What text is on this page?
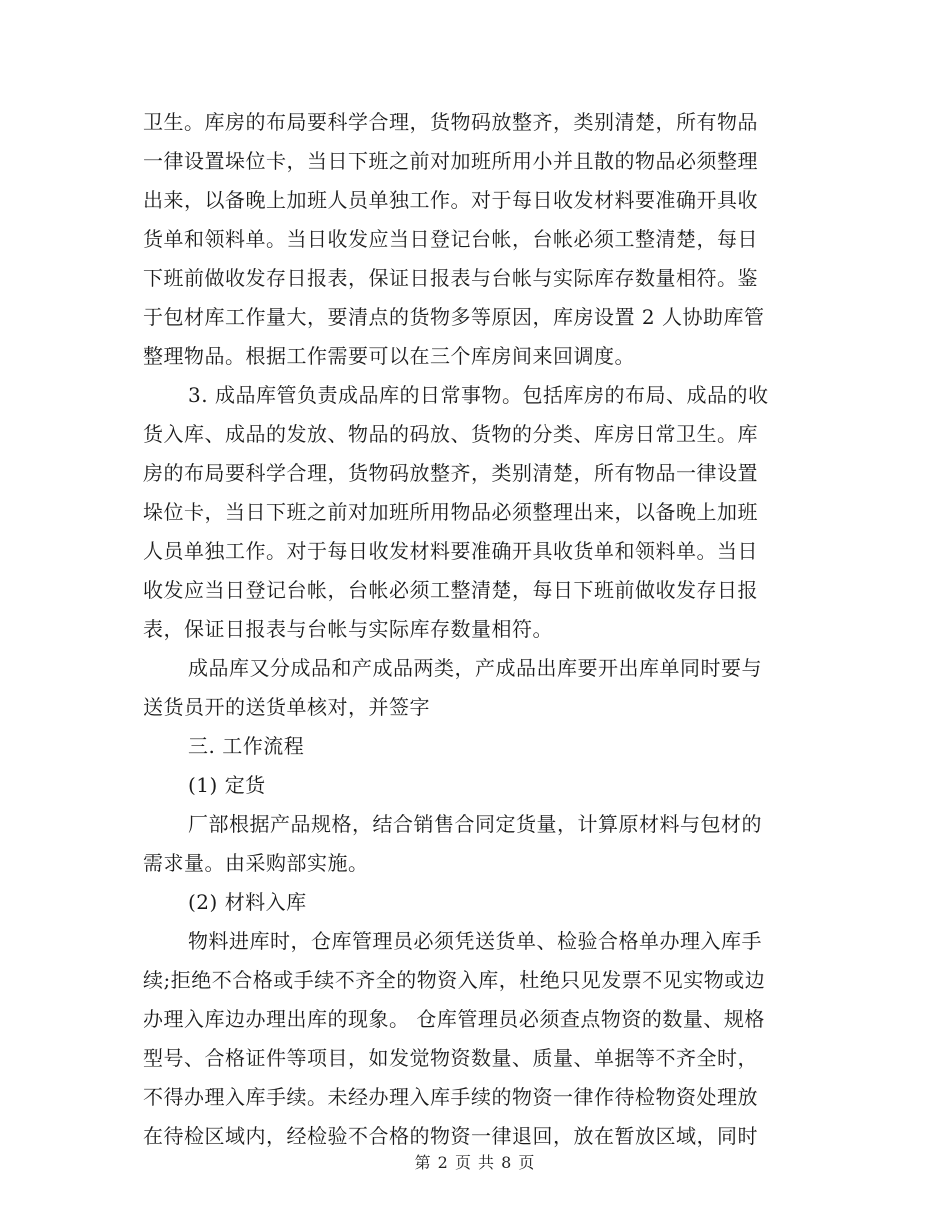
卫生。库房的布局要科学合理，货物码放整齐，类别清楚，所有物品
一律设置垛位卡，当日下班之前对加班所用小并且散的物品必须整理
出来，以备晚上加班人员单独工作。对于每日收发材料要准确开具收
货单和领料单。当日收发应当日登记台帐，台帐必须工整清楚，每日
下班前做收发存日报表，保证日报表与台帐与实际库存数量相符。鉴
于包材库工作量大，要清点的货物多等原因，库房设置 2 人协助库管
整理物品。根据工作需要可以在三个库房间来回调度。
3. 成品库管负责成品库的日常事物。包括库房的布局、成品的收
货入库、成品的发放、物品的码放、货物的分类、库房日常卫生。库
房的布局要科学合理，货物码放整齐，类别清楚，所有物品一律设置
垛位卡，当日下班之前对加班所用物品必须整理出来，以备晚上加班
人员单独工作。对于每日收发材料要准确开具收货单和领料单。当日
收发应当日登记台帐，台帐必须工整清楚，每日下班前做收发存日报
表，保证日报表与台帐与实际库存数量相符。
成品库又分成品和产成品两类，产成品出库要开出库单同时要与
送货员开的送货单核对，并签字
三. 工作流程
(1) 定货
厂部根据产品规格，结合销售合同定货量，计算原材料与包材的
需求量。由采购部实施。
(2) 材料入库
物料进库时，仓库管理员必须凭送货单、检验合格单办理入库手
续;拒绝不合格或手续不齐全的物资入库，杜绝只见发票不见实物或边
办理入库边办理出库的现象。 仓库管理员必须查点物资的数量、规格
型号、合格证件等项目，如发觉物资数量、质量、单据等不齐全时，
不得办理入库手续。未经办理入库手续的物资一律作待检物资处理放
在待检区域内，经检验不合格的物资一律退回，放在暂放区域，同时
第 2 页 共 8 页
